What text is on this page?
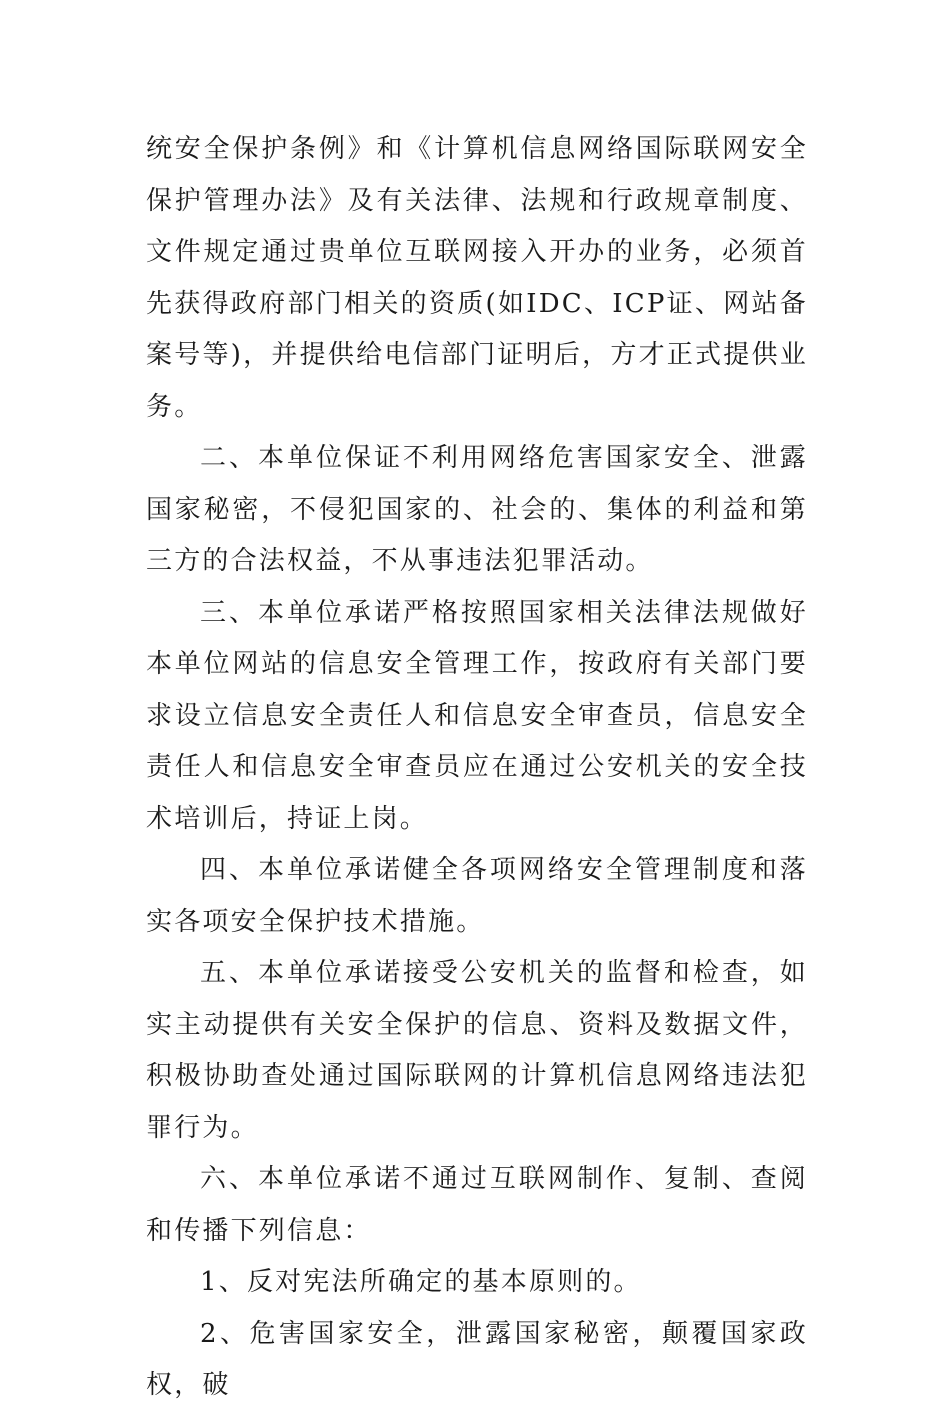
统安全保护条例》和《计算机信息网络国际联网安全保护管理办法》及有关法律、法规和行政规章制度、文件规定通过贵单位互联网接入开办的业务，必须首先获得政府部门相关的资质(如IDC、ICP证、网站备案号等)，并提供给电信部门证明后，方才正式提供业务。

二、本单位保证不利用网络危害国家安全、泄露国家秘密，不侵犯国家的、社会的、集体的利益和第三方的合法权益，不从事违法犯罪活动。

三、本单位承诺严格按照国家相关法律法规做好本单位网站的信息安全管理工作，按政府有关部门要求设立信息安全责任人和信息安全审查员，信息安全责任人和信息安全审查员应在通过公安机关的安全技术培训后，持证上岗。

四、本单位承诺健全各项网络安全管理制度和落实各项安全保护技术措施。

五、本单位承诺接受公安机关的监督和检查，如实主动提供有关安全保护的信息、资料及数据文件，积极协助查处通过国际联网的计算机信息网络违法犯罪行为。

六、本单位承诺不通过互联网制作、复制、查阅和传播下列信息：

1、反对宪法所确定的基本原则的。

2、危害国家安全，泄露国家秘密，颠覆国家政权，破
